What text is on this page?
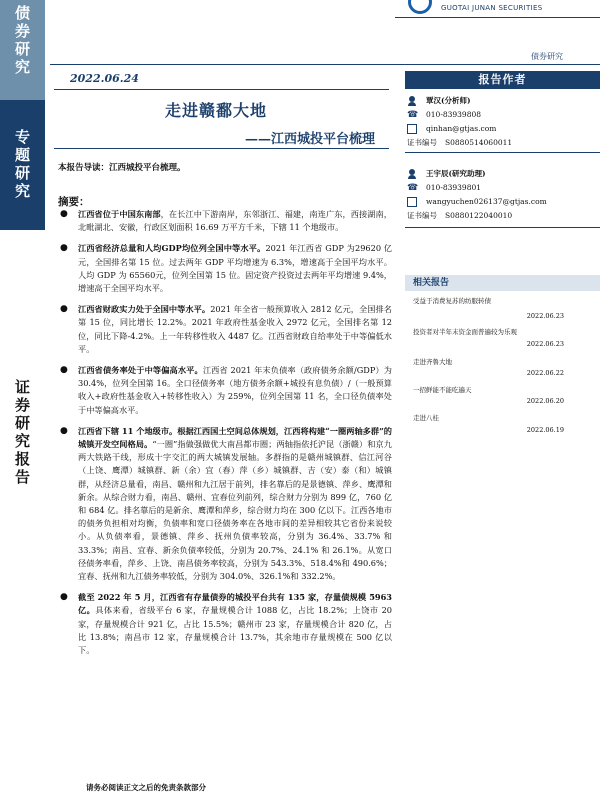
债
券
研
究
专
题
研
究
证
券
研
究
报
告
GUOTAI JUNAN SECURITIES
债券研究
2022.06.24
走进赣鄱大地
——江西城投平台梳理
本报告导读：江西城投平台梳理。
摘要：
● 江西省位于中国东南部，在长江中下游南岸，东邻浙江、福建，南连广东，西接湖南，北毗湖北、安徽，行政区划面积 16.69 万平方千米，下辖 11 个地级市。
● 江西省经济总量和人均GDP均位列全国中等水平。2021 年江西省 GDP 为29620 亿元，全国排名第 15 位。过去两年 GDP 平均增速为 6.3%，增速高于全国平均水平。人均 GDP 为 65560元，位列全国第 15 位。固定资产投资过去两年平均增速 9.4%，增速高于全国平均水平。
● 江西省财政实力处于全国中等水平。2021 年全省一般预算收入 2812 亿元，全国排名第 15 位，同比增长 12.2%。2021 年政府性基金收入 2972 亿元，全国排名第 12 位，同比下降-4.2%。上一年转移性收入 4487 亿。江西省财政自给率处于中等偏低水平。
● 江西省债务率处于中等偏高水平。江西省 2021 年末负债率（政府债务余额/GDP）为 30.4%，位列全国第 16。全口径债务率（地方债务余额+城投有息负债）/（一般预算收入+政府性基金收入+转移性收入）为 259%，位列全国第 11 名，全口径负债率处于中等偏高水平。
● 江西省下辖 11 个地级市。根据江西国土空间总体规划，江西将构建“一圈两轴多群”的城镇开发空间格局。“一圈”指做强做优大南昌都市圈；两轴指依托沪昆（浙赣）和京九两大铁路干线，形成十字交汇的两大城镇发展轴。多群指的是赣州城镇群、信江河谷（上饶、鹰潭）城镇群、新（余）宜（春）萍（乡）城镇群、吉（安）泰（和）城镇群，从经济总量看，南昌、赣州和九江居于前列，排名靠后的是景德镇、萍乡、鹰潭和新余。从综合财力看，南昌、赣州、宜春位列前列，综合财力分别为 899 亿，760 亿和 684 亿。排名靠后的是新余、鹰潭和萍乡，综合财力均在 300 亿以下。江西各地市的债务负担相对均衡，负债率和宽口径债务率在各地市间的差异相较其它省份来说较小。从负债率看，景德镇、萍乡、抚州负债率较高，分别为 36.4%、33.7% 和 33.3%；南昌、宜春、新余负债率较低，分别为 20.7%、24.1% 和 26.1%。从宽口径债务率看，萍乡、上饶、南昌债务率较高，分别为 543.3%、518.4%和 490.6%；宜春、抚州和九江债务率较低，分别为 304.0%、326.1%和 332.2%。
● 截至 2022 年 5 月，江西省有存量债券的城投平台共有 135 家，存量债规模 5963 亿。具体来看，省级平台 6 家，存量规模合计 1088 亿，占比 18.2%；上饶市 20 家，存量规模合计 921 亿，占比 15.5%；赣州市 23 家，存量规模合计 820 亿，占比 13.8%；南昌市 12 家，存量规模合计 13.7%，其余地市存量规模在 500 亿以下。
请务必阅读正文之后的免责条款部分
报告作者
覃汉(分析师)
☎ 010-83939808
qinhan@gtjas.com
证书编号 S0880514060011
王宇辰(研究助理)
☎ 010-83939801
wangyuchen026137@gtjas.com
证书编号 S0880122040010
相关报告
受益于消费复苏的纺服转债
2022.06.23
投资者对半年末资金面普遍较为乐观
2022.06.23
走进齐鲁大地
2022.06.22
一招鲜能不能吃遍天
2022.06.20
走进八桂
2022.06.19
